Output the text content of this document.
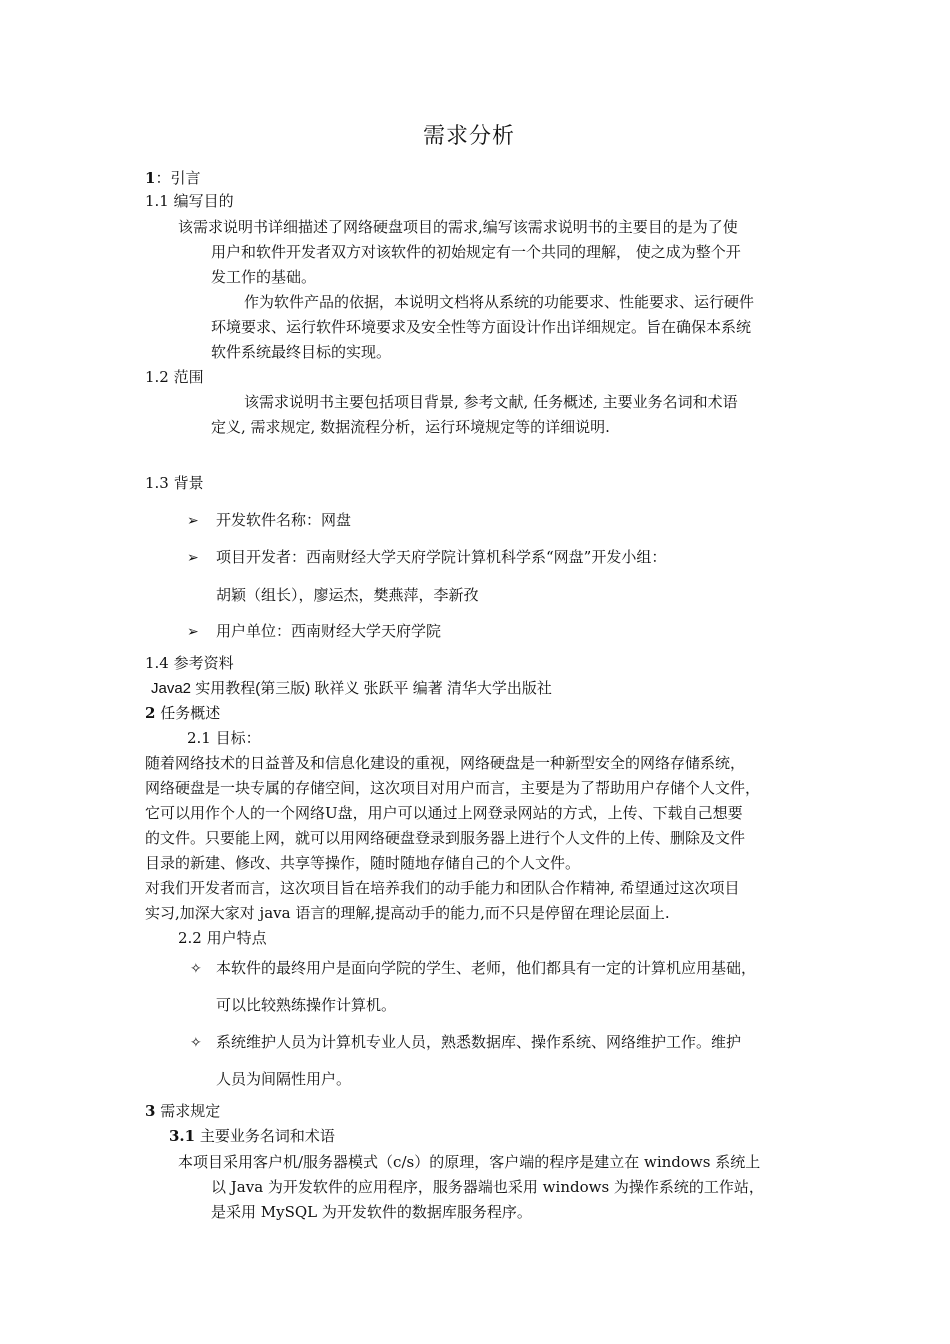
需求分析
1：引言
1.1 编写目的
该需求说明书详细描述了网络硬盘项目的需求,编写该需求说明书的主要目的是为了使
用户和软件开发者双方对该软件的初始规定有一个共同的理解， 使之成为整个开
发工作的基础。
作为软件产品的依据，本说明文档将从系统的功能要求、性能要求、运行硬件
环境要求、运行软件环境要求及安全性等方面设计作出详细规定。旨在确保本系统
软件系统最终目标的实现。
1.2 范围
该需求说明书主要包括项目背景, 参考文献, 任务概述, 主要业务名词和术语
定义, 需求规定, 数据流程分析，运行环境规定等的详细说明.
1.3 背景
➢ 开发软件名称：网盘
➢ 项目开发者：西南财经大学天府学院计算机科学系“网盘”开发小组：
胡颖（组长），廖运杰，樊燕萍，李新孜
➢ 用户单位：西南财经大学天府学院
1.4 参考资料
Java2 实用教程(第三版) 耿祥义 张跃平 编著 清华大学出版社
2 任务概述
2.1 目标：
随着网络技术的日益普及和信息化建设的重视，网络硬盘是一种新型安全的网络存储系统，
网络硬盘是一块专属的存储空间，这次项目对用户而言，主要是为了帮助用户存储个人文件，
它可以用作个人的一个网络U盘，用户可以通过上网登录网站的方式，上传、下载自己想要
的文件。只要能上网，就可以用网络硬盘登录到服务器上进行个人文件的上传、删除及文件
目录的新建、修改、共享等操作，随时随地存储自己的个人文件。
对我们开发者而言，这次项目旨在培养我们的动手能力和团队合作精神, 希望通过这次项目
实习,加深大家对 java 语言的理解,提高动手的能力,而不只是停留在理论层面上.
2.2 用户特点
✧ 本软件的最终用户是面向学院的学生、老师，他们都具有一定的计算机应用基础，
可以比较熟练操作计算机。
✧ 系统维护人员为计算机专业人员，熟悉数据库、操作系统、网络维护工作。维护
人员为间隔性用户。
3 需求规定
3.1 主要业务名词和术语
本项目采用客户机/服务器模式（c/s）的原理，客户端的程序是建立在 windows 系统上
以 Java 为开发软件的应用程序，服务器端也采用 windows 为操作系统的工作站，
是采用 MySQL 为开发软件的数据库服务程序。
